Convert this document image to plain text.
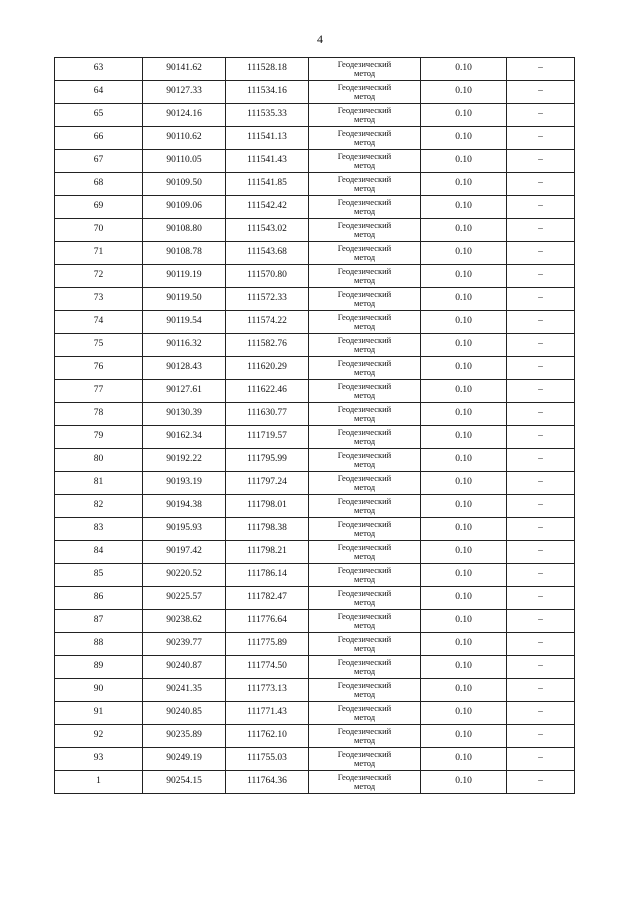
4
63	90141.62	111528.18	Геодезический
метод	0.10	–
64	90127.33	111534.16	Геодезический
метод	0.10	–
65	90124.16	111535.33	Геодезический
метод	0.10	–
66	90110.62	111541.13	Геодезический
метод	0.10	–
67	90110.05	111541.43	Геодезический
метод	0.10	–
68	90109.50	111541.85	Геодезический
метод	0.10	–
69	90109.06	111542.42	Геодезический
метод	0.10	–
70	90108.80	111543.02	Геодезический
метод	0.10	–
71	90108.78	111543.68	Геодезический
метод	0.10	–
72	90119.19	111570.80	Геодезический
метод	0.10	–
73	90119.50	111572.33	Геодезический
метод	0.10	–
74	90119.54	111574.22	Геодезический
метод	0.10	–
75	90116.32	111582.76	Геодезический
метод	0.10	–
76	90128.43	111620.29	Геодезический
метод	0.10	–
77	90127.61	111622.46	Геодезический
метод	0.10	–
78	90130.39	111630.77	Геодезический
метод	0.10	–
79	90162.34	111719.57	Геодезический
метод	0.10	–
80	90192.22	111795.99	Геодезический
метод	0.10	–
81	90193.19	111797.24	Геодезический
метод	0.10	–
82	90194.38	111798.01	Геодезический
метод	0.10	–
83	90195.93	111798.38	Геодезический
метод	0.10	–
84	90197.42	111798.21	Геодезический
метод	0.10	–
85	90220.52	111786.14	Геодезический
метод	0.10	–
86	90225.57	111782.47	Геодезический
метод	0.10	–
87	90238.62	111776.64	Геодезический
метод	0.10	–
88	90239.77	111775.89	Геодезический
метод	0.10	–
89	90240.87	111774.50	Геодезический
метод	0.10	–
90	90241.35	111773.13	Геодезический
метод	0.10	–
91	90240.85	111771.43	Геодезический
метод	0.10	–
92	90235.89	111762.10	Геодезический
метод	0.10	–
93	90249.19	111755.03	Геодезический
метод	0.10	–
1	90254.15	111764.36	Геодезический
метод	0.10	–
